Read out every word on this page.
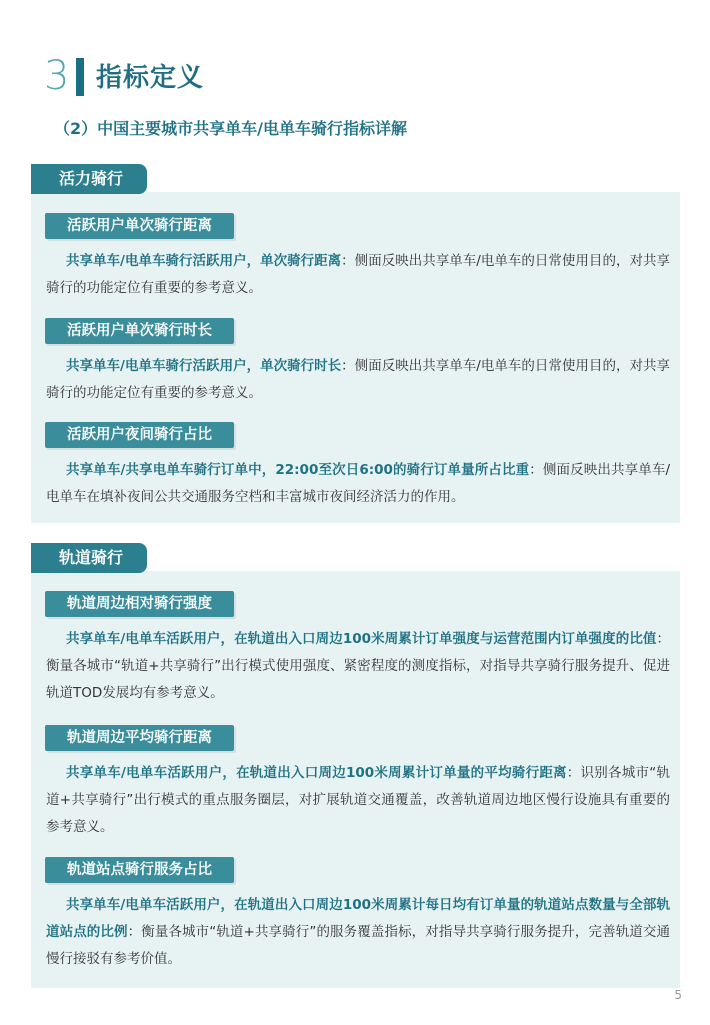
3 指标定义
（2）中国主要城市共享单车/电单车骑行指标详解
活力骑行
活跃用户单次骑行距离

共享单车/电单车骑行活跃用户，单次骑行距离：侧面反映出共享单车/电单车的日常使用目的，对共享骑行的功能定位有重要的参考意义。

活跃用户单次骑行时长

共享单车/电单车骑行活跃用户，单次骑行时长：侧面反映出共享单车/电单车的日常使用目的，对共享骑行的功能定位有重要的参考意义。

活跃用户夜间骑行占比

共享单车/共享电单车骑行订单中，22:00至次日6:00的骑行订单量所占比重：侧面反映出共享单车/电单车在填补夜间公共交通服务空档和丰富城市夜间经济活力的作用。

轨道骑行
轨道周边相对骑行强度

共享单车/电单车活跃用户，在轨道出入口周边100米周累计订单强度与运营范围内订单强度的比值：衡量各城市“轨道+共享骑行”出行模式使用强度、紧密程度的测度指标，对指导共享骑行服务提升、促进轨道TOD发展均有参考意义。

轨道周边平均骑行距离

共享单车/电单车活跃用户，在轨道出入口周边100米周累计订单量的平均骑行距离：识别各城市“轨道+共享骑行”出行模式的重点服务圈层，对扩展轨道交通覆盖，改善轨道周边地区慢行设施具有重要的参考意义。

轨道站点骑行服务占比

共享单车/电单车活跃用户，在轨道出入口周边100米周累计每日均有订单量的轨道站点数量与全部轨道站点的比例：衡量各城市“轨道+共享骑行”的服务覆盖指标，对指导共享骑行服务提升，完善轨道交通慢行接驳有参考价值。

5
